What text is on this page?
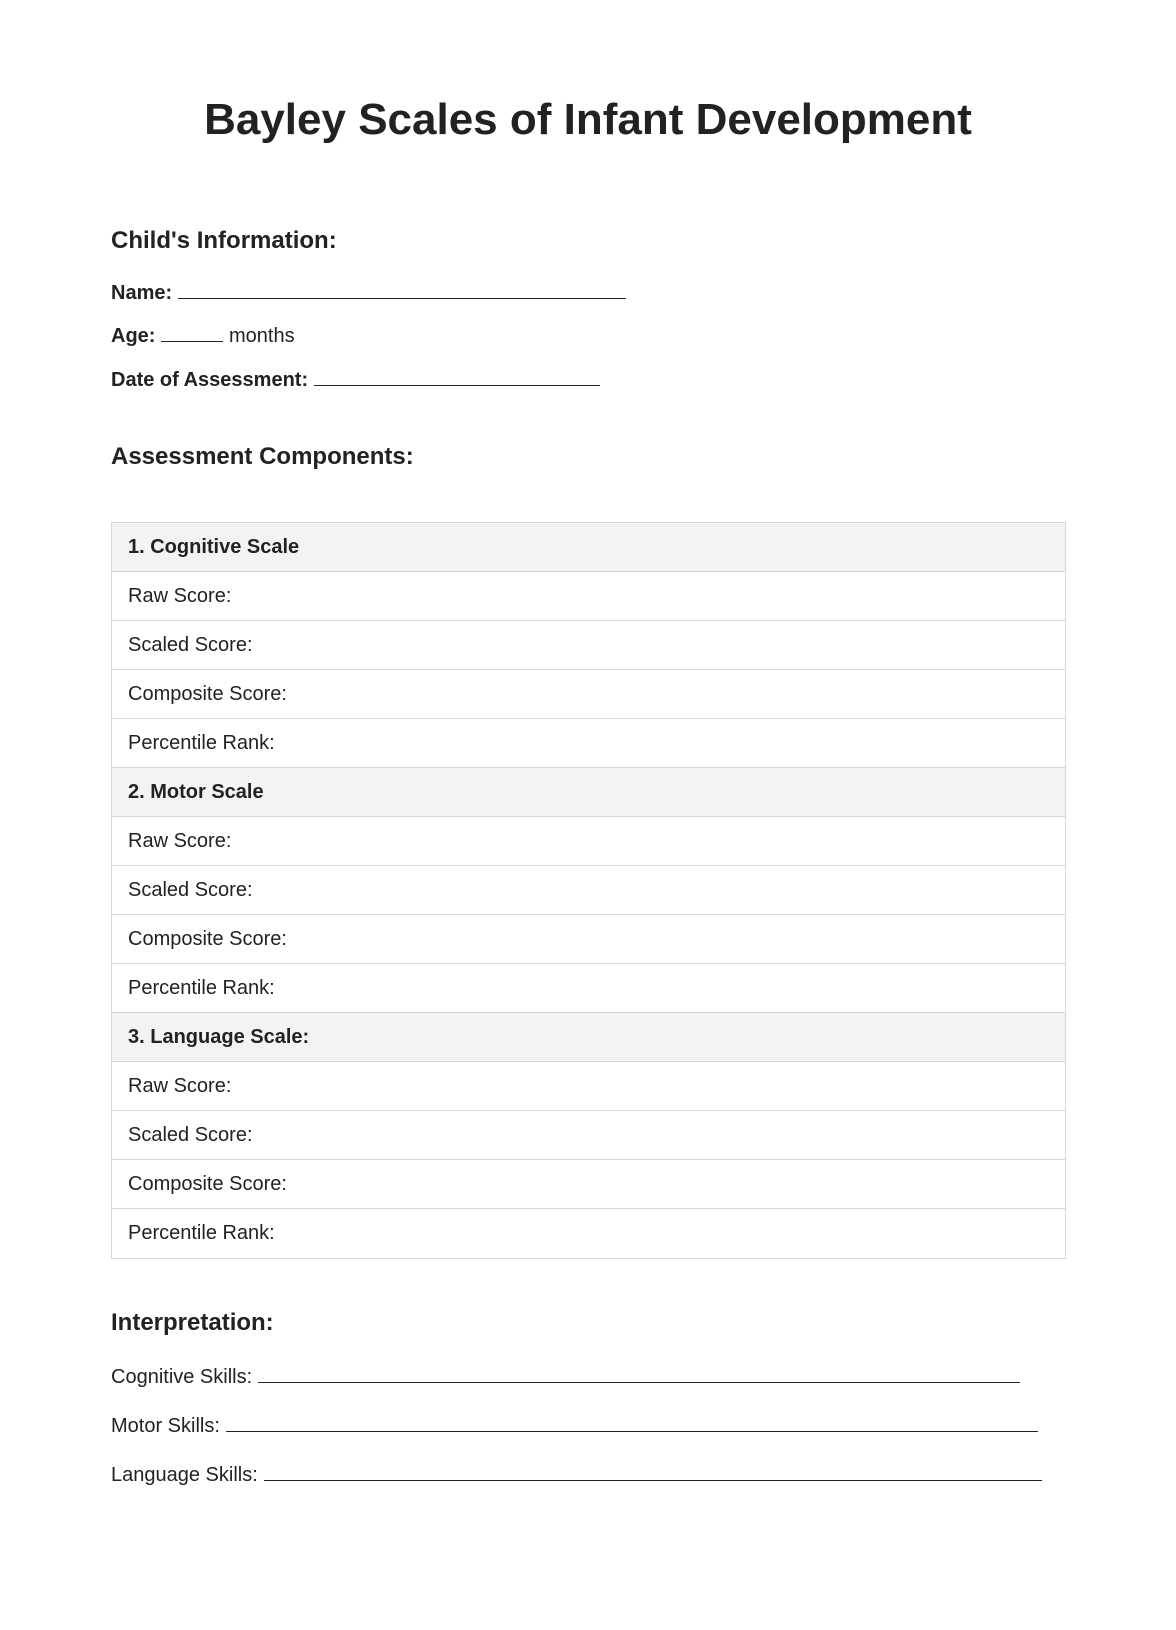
Bayley Scales of Infant Development
Child's Information:
Name:
Age:	months
Date of Assessment:
Assessment Components:
1. Cognitive Scale
Raw Score:
Scaled Score:
Composite Score:
Percentile Rank:
2. Motor Scale
Raw Score:
Scaled Score:
Composite Score:
Percentile Rank:
3. Language Scale:
Raw Score:
Scaled Score:
Composite Score:
Percentile Rank:
Interpretation:
Cognitive Skills:
Motor Skills:
Language Skills:
